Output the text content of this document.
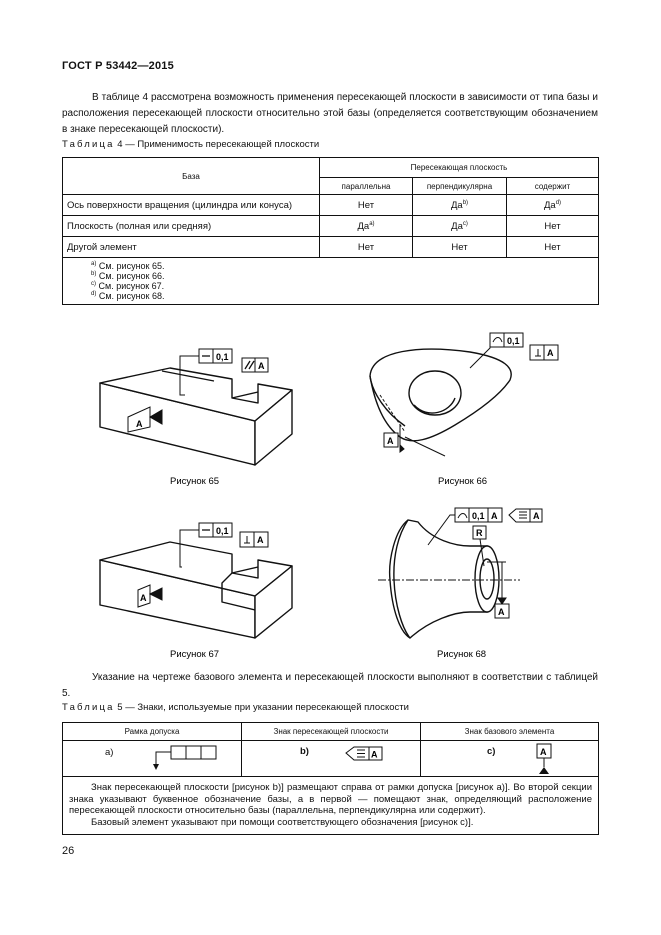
ГОСТ Р 53442—2015
В таблице 4 рассмотрена возможность применения пересекающей плоскости в зависимости от типа базы и расположения пересекающей плоскости относительно этой базы (определяется соответствующим обозначением в знаке пересекающей плоскости).
Таблица 4 — Применимость пересекающей плоскости
База	Пересекающая плоскость		
	параллельна	перпендикулярна	содержит
Ось поверхности вращения (цилиндра или конуса)	Нет	$Да^{b)}$	$Да^{d)}$
Плоскость (полная или средняя)	$Да^{a)}$	$Да^{c)}$	Нет
Другой элемент	Нет	Нет	Нет

$^{a)}$ См. рисунок 65.
$^{b)}$ См. рисунок 66.
$^{c)}$ См. рисунок 67.
$^{d)}$ См. рисунок 68.			
0,1
A
A
0,1
A
A
Рисунок 65	Рисунок 66
0,1
A
A
0,1 A	A
R
A
Рисунок 67	Рисунок 68
Указание на чертеже базового элемента и пересекающей плоскости выполняют в соответствии с таблицей 5.
Таблица 5 — Знаки, используемые при указании пересекающей плоскости
Рамка допуска	Знак пересекающей плоскости	Знак базового элемента

a)	b) A	c) A

Знак пересекающей плоскости [рисунок b)] размещают справа от рамки допуска [рисунок a)]. Во второй секции знака указывают буквенное обозначение базы, а в первой — помещают знак, определяющий расположение пересекающей плоскости относительно базы (параллельна, перпендикулярна или содержит).
Базовый элемент указывают при помощи соответствующего обозначения [рисунок c)].		
26
